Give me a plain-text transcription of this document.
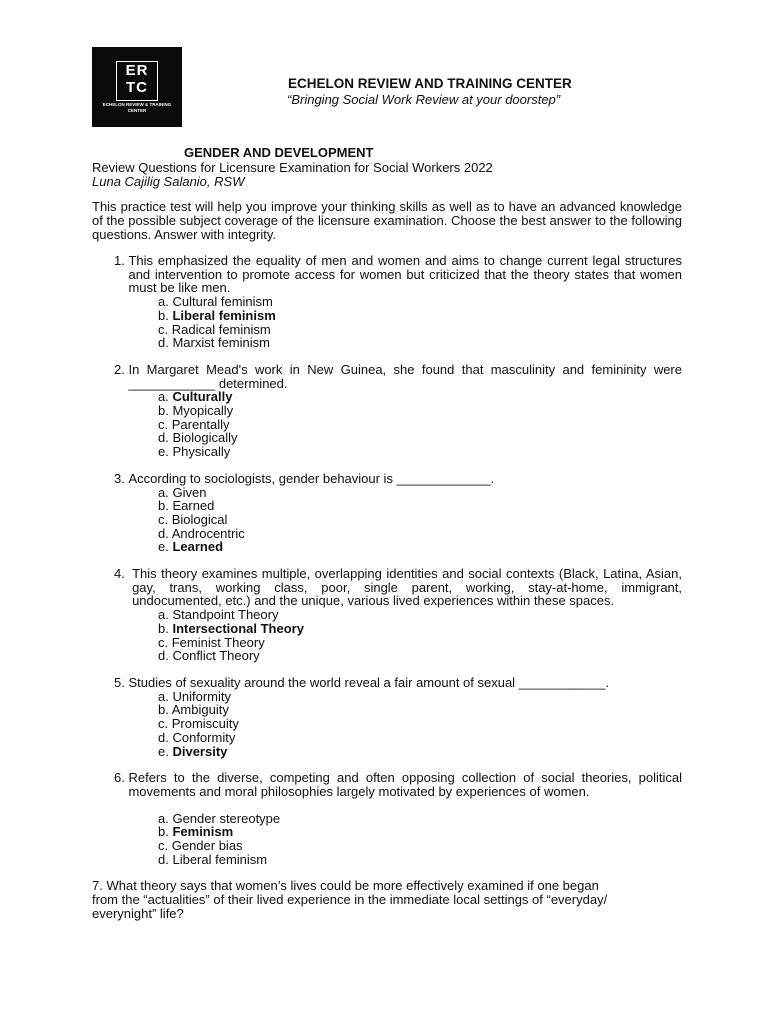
ER
TC
ECHELON REVIEW & TRAINING CENTER
ECHELON REVIEW AND TRAINING CENTER
“Bringing Social Work Review at your doorstep”
GENDER AND DEVELOPMENT
Review Questions for Licensure Examination for Social Workers 2022
Luna Cajilig Salanio, RSW
This practice test will help you improve your thinking skills as well as to have an advanced knowledge of the possible subject coverage of the licensure examination. Choose the best answer to the following questions. Answer with integrity.
1. This emphasized the equality of men and women and aims to change current legal structures and intervention to promote access for women but criticized that the theory states that women must be like men.
a. Cultural feminism
b. Liberal feminism
c. Radical feminism
d. Marxist feminism
2. In Margaret Mead's work in New Guinea, she found that masculinity and femininity were ____________ determined.
a. Culturally
b. Myopically
c. Parentally
d. Biologically
e. Physically
3. According to sociologists, gender behaviour is _____________.
a. Given
b. Earned
c. Biological
d. Androcentric
e. Learned
4. This theory examines multiple, overlapping identities and social contexts (Black, Latina, Asian, gay, trans, working class, poor, single parent, working, stay-at-home, immigrant, undocumented, etc.) and the unique, various lived experiences within these spaces.
a. Standpoint Theory
b. Intersectional Theory
c. Feminist Theory
d. Conflict Theory
5. Studies of sexuality around the world reveal a fair amount of sexual ____________.
a. Uniformity
b. Ambiguity
c. Promiscuity
d. Conformity
e. Diversity
6. Refers to the diverse, competing and often opposing collection of social theories, political movements and moral philosophies largely motivated by experiences of women.
a. Gender stereotype
b. Feminism
c. Gender bias
d. Liberal feminism
7. What theory says that women’s lives could be more effectively examined if one began from the “actualities” of their lived experience in the immediate local settings of “everyday/ everynight” life?
